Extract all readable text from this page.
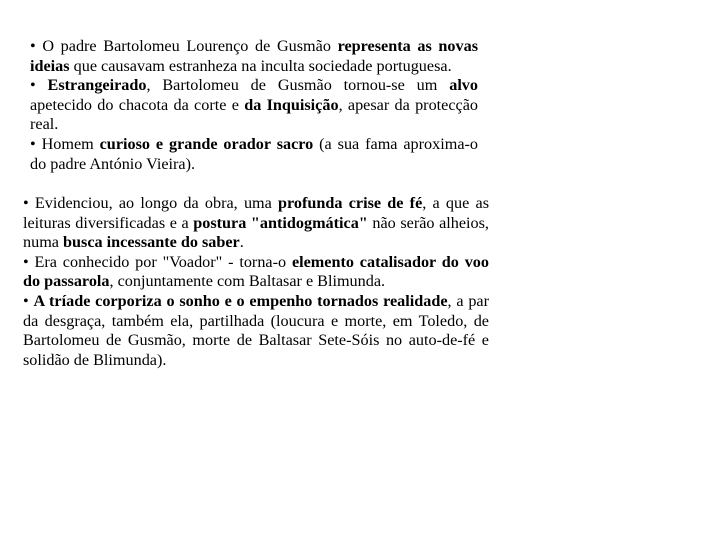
• O padre Bartolomeu Lourenço de Gusmão representa as novas ideias que causavam estranheza na inculta sociedade portuguesa.

• Estrangeirado, Bartolomeu de Gusmão tornou-se um alvo apetecido do chacota da corte e da Inquisição, apesar da protecção real.

• Homem curioso e grande orador sacro (a sua fama aproxima-o do padre António Vieira).

• Evidenciou, ao longo da obra, uma profunda crise de fé, a que as leituras diversificadas e a postura "antidogmática" não serão alheios, numa busca incessante do saber.

• Era conhecido por "Voador" - torna-o elemento catalisador do voo do passarola, conjuntamente com Baltasar e Blimunda.

• A tríade corporiza o sonho e o empenho tornados realidade, a par da desgraça, também ela, partilhada (loucura e morte, em Toledo, de Bartolomeu de Gusmão, morte de Baltasar Sete-Sóis no auto-de-fé e solidão de Blimunda).
